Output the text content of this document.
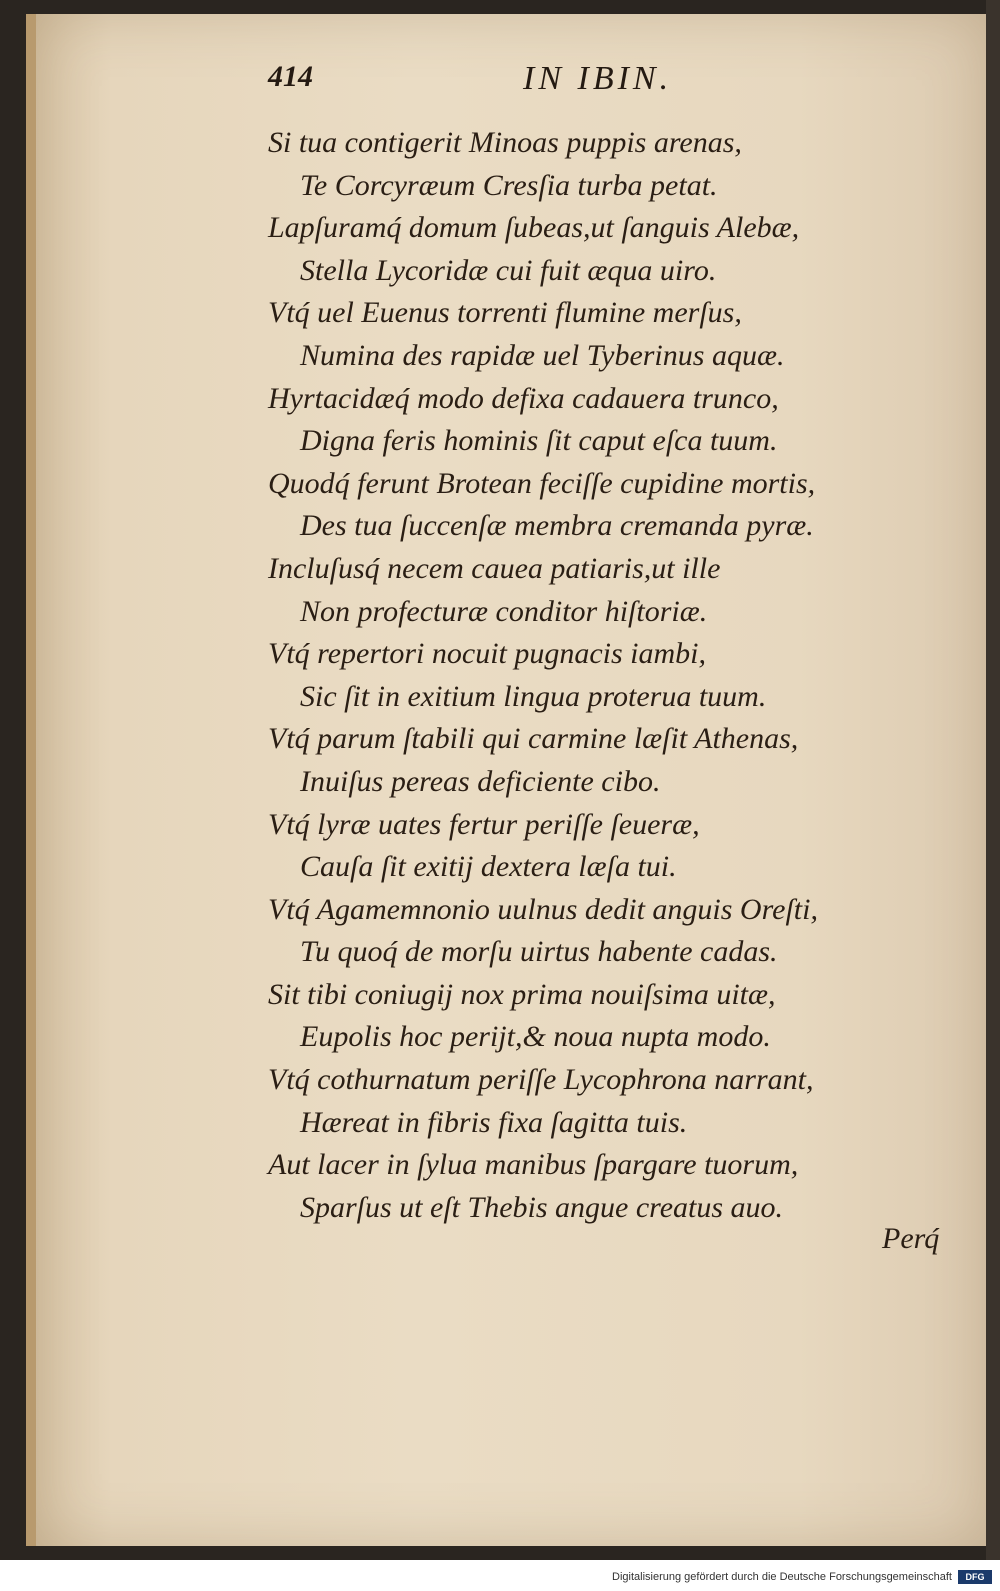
414	IN IBIN.
Si tua contigerit Minoas puppis arenas,
Te Corcyræum Cresſia turba petat.
Lapſuramq́ domum ſubeas,ut ſanguis Alebæ,
Stella Lycoridæ cui fuit æqua uiro.
Vtq́ uel Euenus torrenti flumine merſus,
Numina des rapidæ uel Tyberinus aquæ.
Hyrtacidæq́ modo defixa cadauera trunco,
Digna feris hominis ſit caput eſca tuum.
Quodq́ ferunt Brotean feciſſe cupidine mortis,
Des tua ſuccenſæ membra cremanda pyræ.
Incluſusq́ necem cauea patiaris,ut ille
Non profecturæ conditor hiſtoriæ.
Vtq́ repertori nocuit pugnacis iambi,
Sic ſit in exitium lingua proterua tuum.
Vtq́ parum ſtabili qui carmine læſit Athenas,
Inuiſus pereas deficiente cibo.
Vtq́ lyræ uates fertur periſſe ſeueræ,
Cauſa ſit exitij dextera læſa tui.
Vtq́ Agamemnonio uulnus dedit anguis Oreſti,
Tu quoq́ de morſu uirtus habente cadas.
Sit tibi coniugij nox prima nouiſsima uitæ,
Eupolis hoc perijt,& noua nupta modo.
Vtq́ cothurnatum periſſe Lycophrona narrant,
Hæreat in fibris fixa ſagitta tuis.
Aut lacer in ſylua manibus ſpargare tuorum,
Sparſus ut eſt Thebis angue creatus auo.
Perq́
Digitalisierung gefördert durch die Deutsche Forschungsgemeinschaft	DFG
